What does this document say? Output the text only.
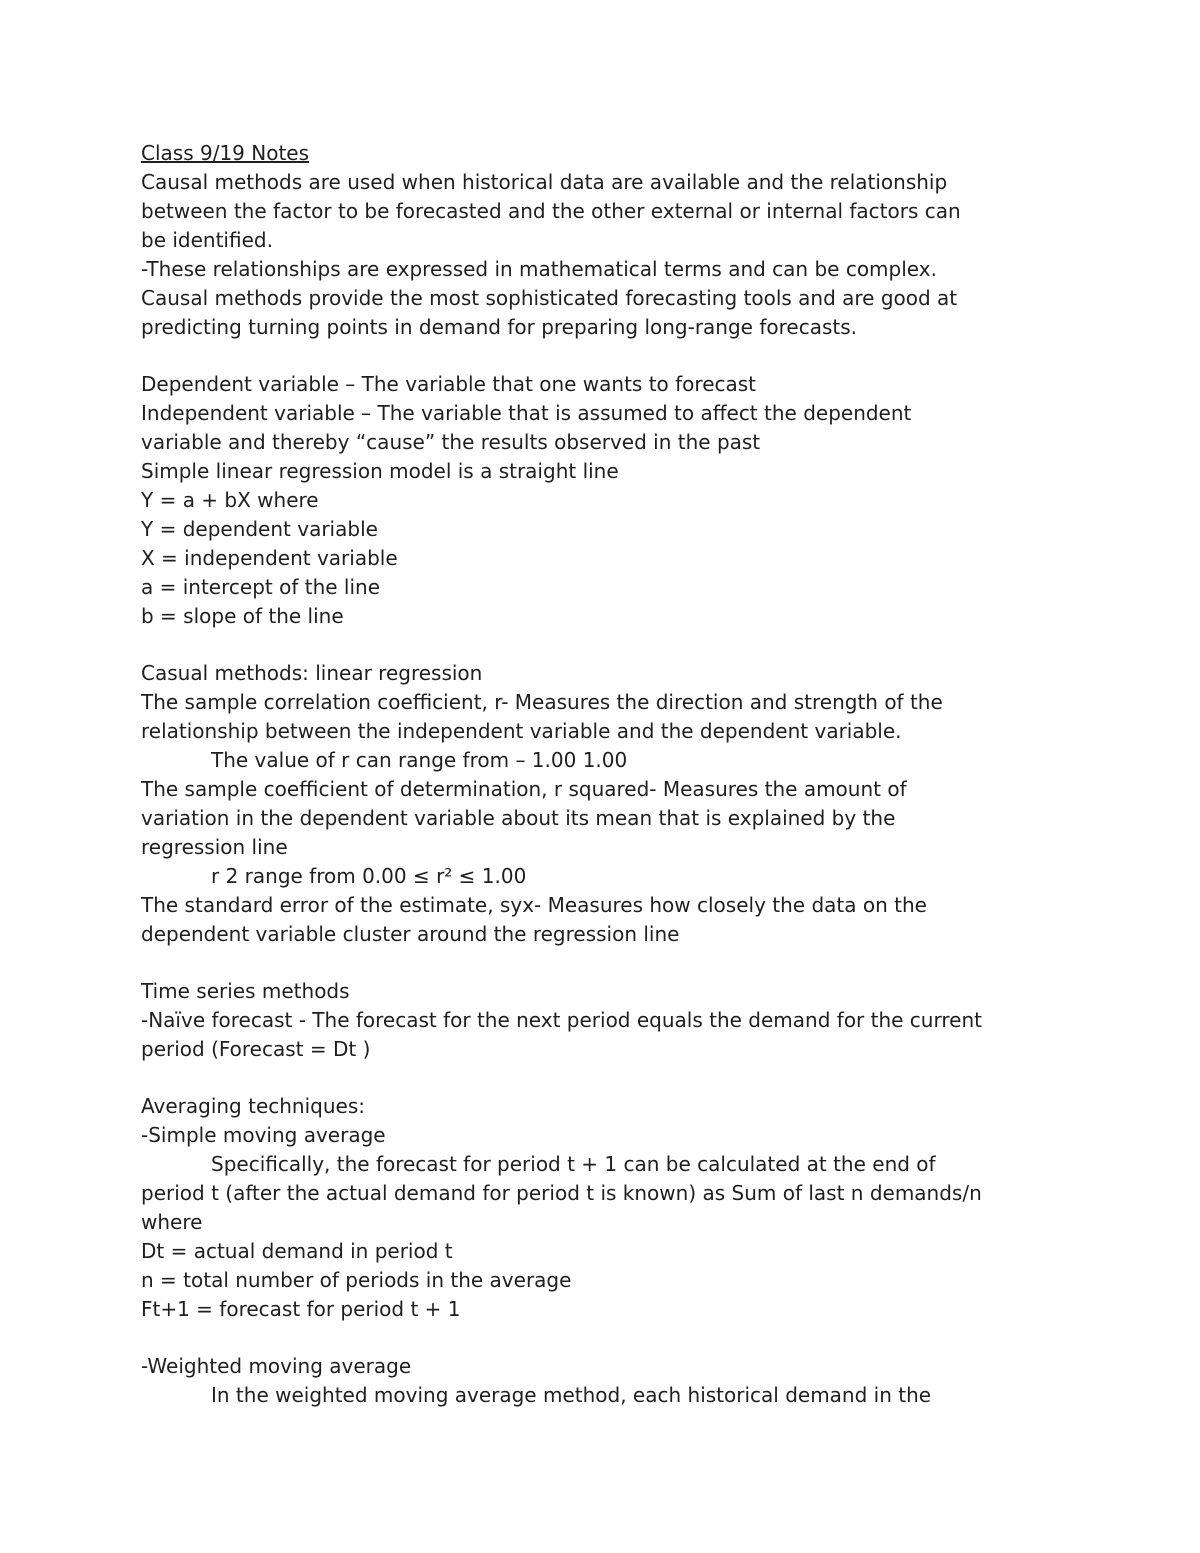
Class 9/19 Notes
Causal methods are used when historical data are available and the relationship
between the factor to be forecasted and the other external or internal factors can
be identified.
-These relationships are expressed in mathematical terms and can be complex.
Causal methods provide the most sophisticated forecasting tools and are good at
predicting turning points in demand for preparing long-range forecasts.
Dependent variable – The variable that one wants to forecast
Independent variable – The variable that is assumed to affect the dependent
variable and thereby “cause” the results observed in the past
Simple linear regression model is a straight line
Y = a + bX where
Y = dependent variable
X = independent variable
a = intercept of the line
b = slope of the line
Casual methods: linear regression
The sample correlation coefficient, r- Measures the direction and strength of the
relationship between the independent variable and the dependent variable.
The value of r can range from – 1.00 1.00
The sample coefficient of determination, r squared- Measures the amount of
variation in the dependent variable about its mean that is explained by the
regression line
r 2 range from 0.00 ≤ r² ≤ 1.00
The standard error of the estimate, syx- Measures how closely the data on the
dependent variable cluster around the regression line
Time series methods
-Naïve forecast - The forecast for the next period equals the demand for the current
period (Forecast = Dt )
Averaging techniques:
-Simple moving average
Specifically, the forecast for period t + 1 can be calculated at the end of
period t (after the actual demand for period t is known) as Sum of last n demands/n
where
Dt = actual demand in period t
n = total number of periods in the average
Ft+1 = forecast for period t + 1
-Weighted moving average
In the weighted moving average method, each historical demand in the
